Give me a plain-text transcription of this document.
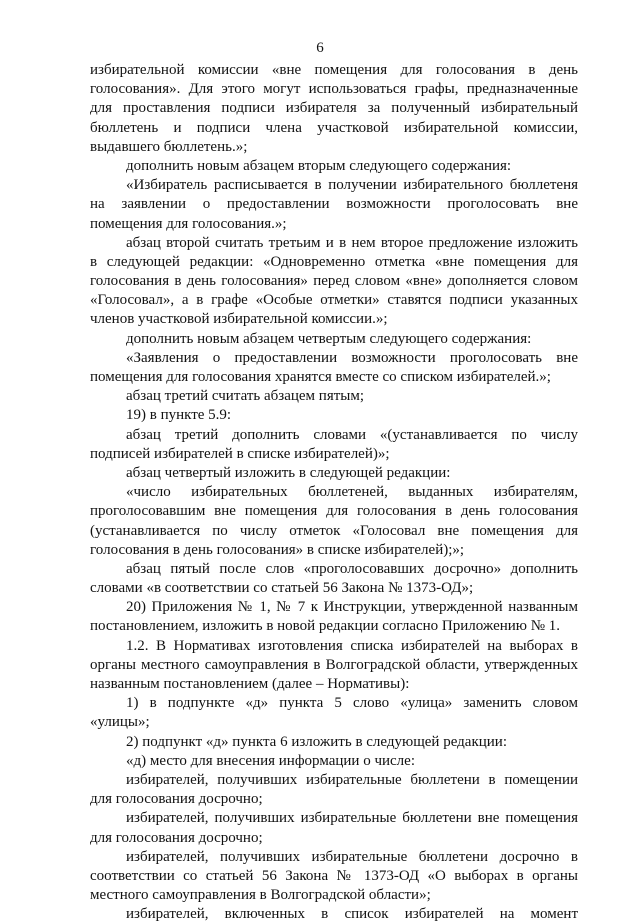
6
избирательной комиссии «вне помещения для голосования в день
голосования». Для этого могут использоваться графы, предназначенные
для проставления подписи избирателя за полученный избирательный
бюллетень и подписи члена участковой избирательной комиссии,
выдавшего бюллетень.»;
дополнить новым абзацем вторым следующего содержания:
«Избиратель расписывается в получении избирательного бюллетеня
на заявлении о предоставлении возможности проголосовать вне
помещения для голосования.»;
абзац второй считать третьим и в нем второе предложение изложить
в следующей редакции: «Одновременно отметка «вне помещения для
голосования в день голосования» перед словом «вне» дополняется словом
«Голосовал», а в графе «Особые отметки» ставятся подписи указанных
членов участковой избирательной комиссии.»;
дополнить новым абзацем четвертым следующего содержания:
«Заявления о предоставлении возможности проголосовать вне
помещения для голосования хранятся вместе со списком избирателей.»;
абзац третий считать абзацем пятым;
19) в пункте 5.9:
абзац третий дополнить словами «(устанавливается по числу
подписей избирателей в списке избирателей)»;
абзац четвертый изложить в следующей редакции:
«число избирательных бюллетеней, выданных избирателям,
проголосовавшим вне помещения для голосования в день голосования
(устанавливается по числу отметок «Голосовал вне помещения для
голосования в день голосования» в списке избирателей);»;
абзац пятый после слов «проголосовавших досрочно» дополнить
словами «в соответствии со статьей 56 Закона № 1373-ОД»;
20) Приложения № 1, № 7 к Инструкции, утвержденной названным
постановлением, изложить в новой редакции согласно Приложению № 1.
1.2. В Нормативах изготовления списка избирателей на выборах в
органы местного самоуправления в Волгоградской области, утвержденных
названным постановлением (далее – Нормативы):
1) в подпункте «д» пункта 5 слово «улица» заменить словом
«улицы»;
2) подпункт «д» пункта 6 изложить в следующей редакции:
«д) место для внесения информации о числе:
избирателей, получивших избирательные бюллетени в помещении
для голосования досрочно;
избирателей, получивших избирательные бюллетени вне помещения
для голосования досрочно;
избирателей, получивших избирательные бюллетени досрочно в
соответствии со статьей 56 Закона № 1373-ОД «О выборах в органы
местного самоуправления в Волгоградской области»;
избирателей, включенных в список избирателей на момент
